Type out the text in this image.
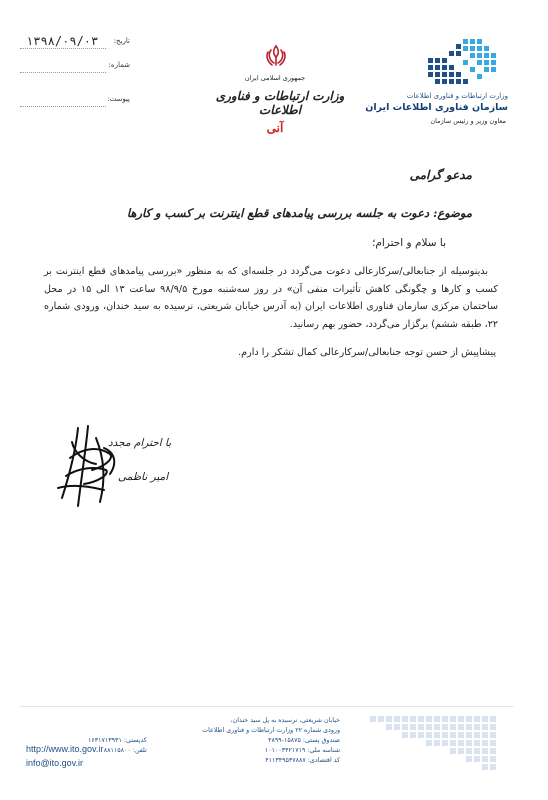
وزارت ارتباطات و فناوری اطلاعات
سازمان فناوری اطلاعات ایران
معاون وزیر و رئیس سازمان
جمهوری اسلامی ایران
وزارت ارتباطات و فناوری اطلاعات
آنی
۱۳۹۸/۰۹/۰۳ تاریخ:
شماره:
پیوست:
مدعو گرامی
موضوع: دعوت به جلسه بررسی پیامدهای قطع اینترنت بر کسب و کارها
با سلام و احترام؛
بدینوسیله از جنابعالی/سرکارعالی دعوت می‌گردد در جلسه‌ای که به منظور «بررسی پیامدهای قطع اینترنت بر کسب و کارها و چگونگی کاهش تأثیرات منفی آن» در روز سه‌شنبه مورخ ۹۸/۹/۵ ساعت ۱۳ الی ۱۵ در محل ساختمان مرکزی سازمان فناوری اطلاعات ایران (به آدرس خیابان شریعتی، نرسیده به سید خندان، ورودی شماره ۲۲، طبقه ششم) برگزار می‌گردد، حضور بهم رسانید.
پیشاپیش از حسن توجه جنابعالی/سرکارعالی کمال تشکر را دارم.
با احترام مجدد
امیر ناظمی
خیابان شریعتی، نرسیده به پل سید خندان،
ورودی شماره ۲۲ وزارت ارتباطات و فناوری اطلاعات
صندوق پستی: ۱۵۸۷۵-۴۸۹۹
شناسه ملی: ۱۰۱۰۰۳۴۲۱۷۱۹
کد اقتصادی: ۴۱۱۳۴۹۵۳۷۸۸۷
کدپستی: ۱۶۳۱۷۱۳۹۳۱
تلفن: ۸۸۱۱۵۸۰۰
http://www.ito.gov.ir
info@ito.gov.ir
